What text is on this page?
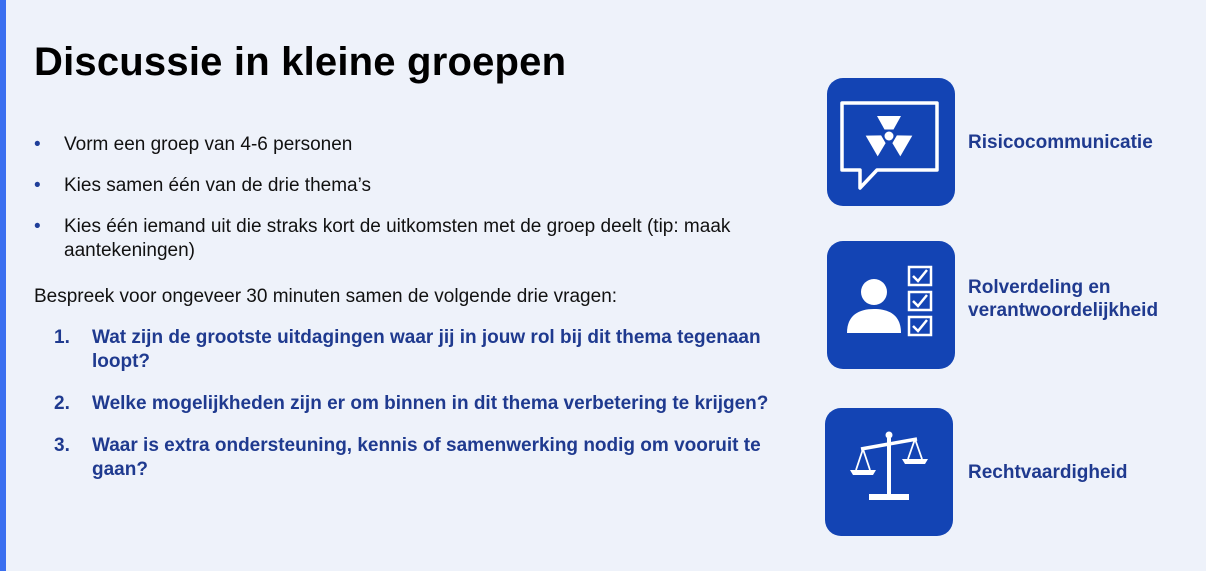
Discussie in kleine groepen
• Vorm een groep van 4-6 personen
• Kies samen één van de drie thema’s
• Kies één iemand uit die straks kort de uitkomsten met de groep deelt (tip: maak aantekeningen)
Bespreek voor ongeveer 30 minuten samen de volgende drie vragen:
1. Wat zijn de grootste uitdagingen waar jij in jouw rol bij dit thema tegenaan loopt?
2. Welke mogelijkheden zijn er om binnen in dit thema verbetering te krijgen?
3. Waar is extra ondersteuning, kennis of samenwerking nodig om vooruit te gaan?
Risicocommunicatie
Rolverdeling en verantwoordelijkheid
Rechtvaardigheid
